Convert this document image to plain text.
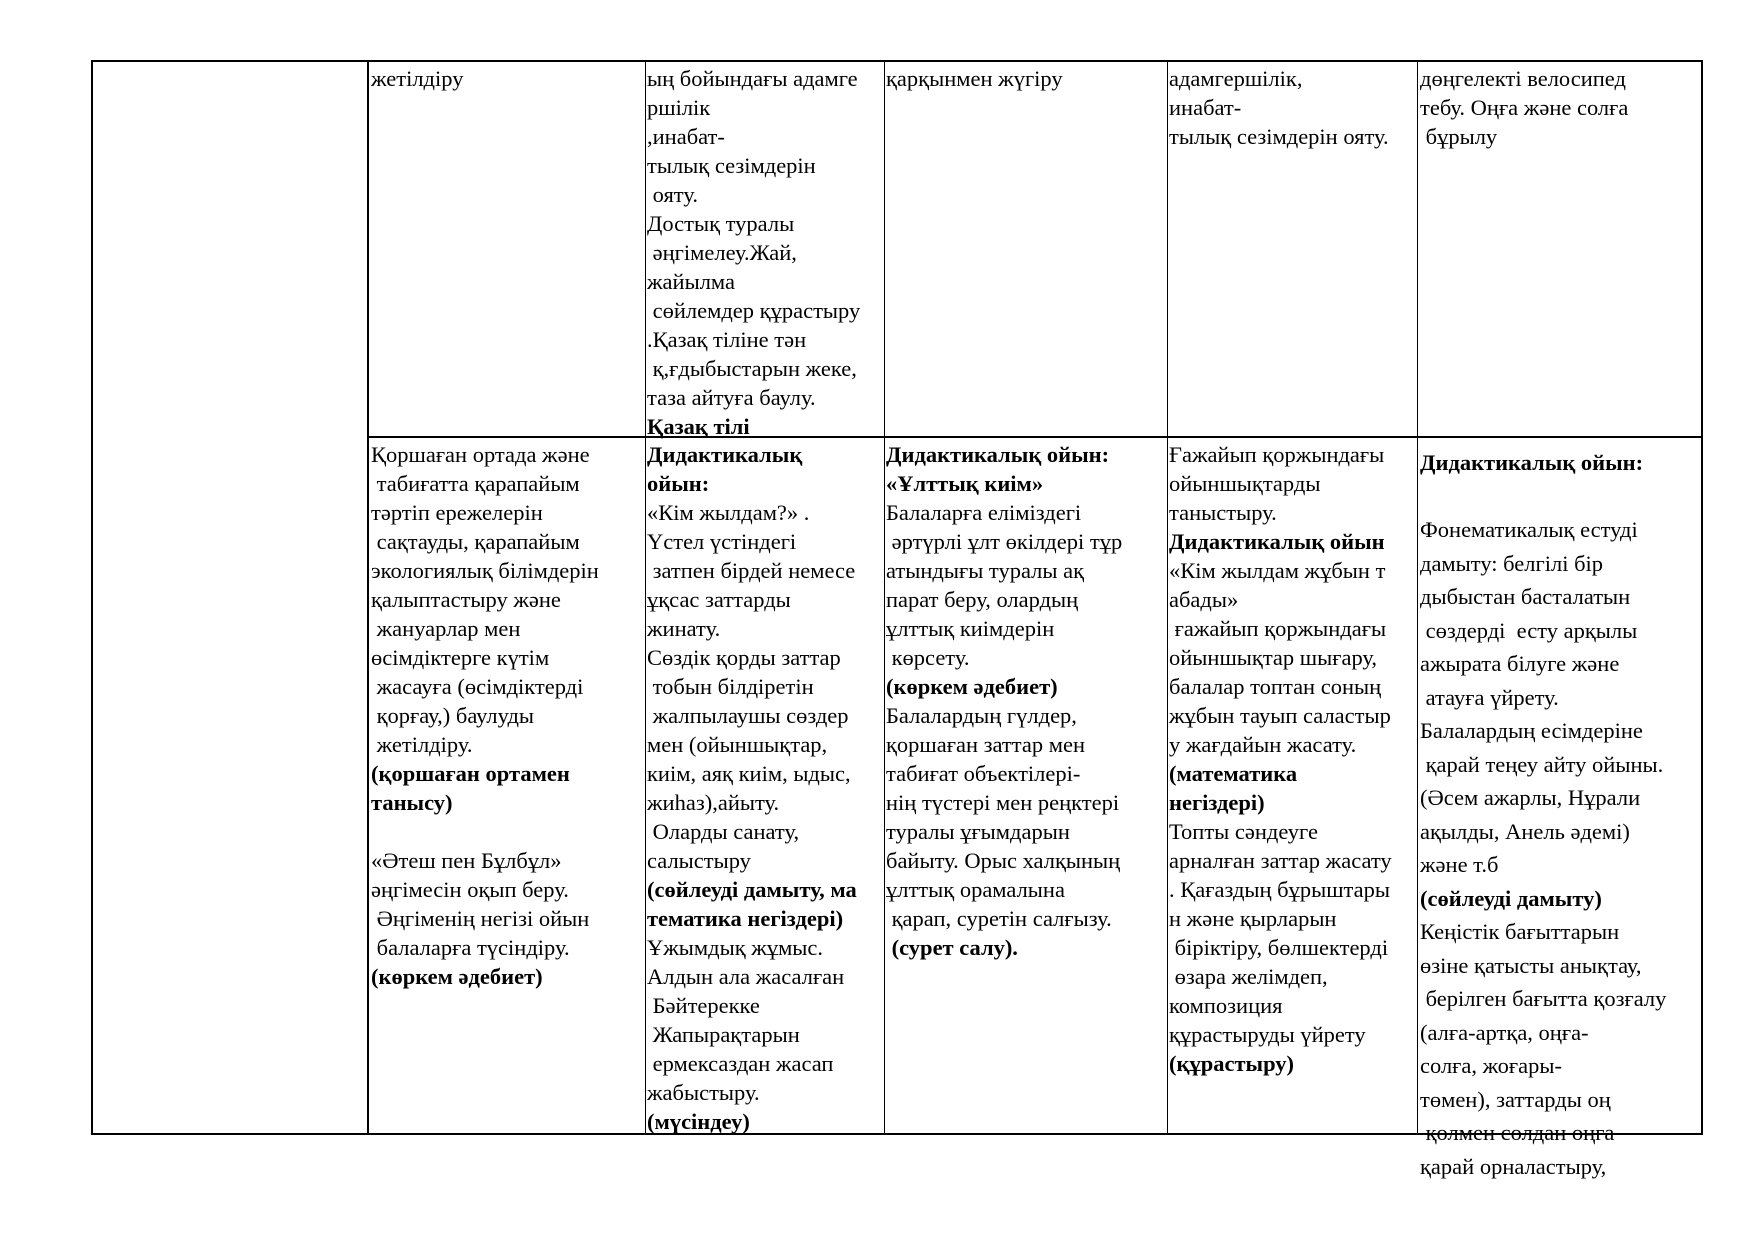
жетілдіру	ың бойындағы адамге
ршілік
,инабат-
тылық сезімдерін
ояту.
Достық туралы
әңгімелеу.Жай,
жайылма
сөйлемдер құрастыру
.Қазақ тіліне тән
қ,ғдыбыстарын жеке,
таза айтуға баулу.
Қазақ тілі
қарқынмен жүгіру	адамгершілік,
инабат-
тылық сезімдерін ояту.
дөңгелекті велосипед
тебу. Оңға және солға
бұрылу
Қоршаған ортада және
табиғатта қарапайым
тәртіп ережелерін
сақтауды, қарапайым
экологиялық білімдерін
қалыптастыру және
жануарлар мен
өсімдіктерге күтім
жасауға (өсімдіктерді
қорғау,) баулуды
жетілдіру.
(қоршаған ортамен
танысу)
«Әтеш пен Бұлбұл»
әңгімесін оқып беру.
Әңгіменің негізі ойын
балаларға түсіндіру.
(көркем әдебиет)
Дидактикалық
ойын:
«Кім жылдам?» .
Үстел үстіндегі
затпен бірдей немесе
ұқсас заттарды
жинату.
Сөздік қорды заттар
тобын білдіретін
жалпылаушы сөздер
мен (ойыншықтар,
киім, аяқ киім, ыдыс,
жиһаз),айыту.
Оларды санату,
салыстыру
(сөйлеуді дамыту, ма
тематика негіздері)
Ұжымдық жұмыс.
Алдын ала жасалған
Бәйтерекке
Жапырақтарын
ермексаздан жасап
жабыстыру.
(мүсіндеу)
Дидактикалық ойын:
«Ұлттық киім»
Балаларға еліміздегі
әртүрлі ұлт өкілдері тұр
атындығы туралы ақ
парат беру, олардың
ұлттық киімдерін
көрсету.
(көркем әдебиет)
Балалардың гүлдер,
қоршаған заттар мен
табиғат объектілері-
нің түстері мен реңктері
туралы ұғымдарын
байыту. Орыс халқының
ұлттық орамалына
қарап, суретін салғызу.
(сурет салу).
Ғажайып қоржындағы
ойыншықтарды
таныстыру.
Дидактикалық ойын
«Кім жылдам жұбын т
абады»
ғажайып қоржындағы
ойыншықтар шығару,
балалар топтан соның
жұбын тауып саластыр
у жағдайын жасату.
(математика
негіздері)
Топты сәндеуге
арналған заттар жасату
. Қағаздың бұрыштары
н және қырларын
біріктіру, бөлшектерді
өзара желімдеп,
композиция
құрастыруды үйрету
(құрастыру)
Дидактикалық ойын:
Фонематикалық естуді
дамыту: белгілі бір
дыбыстан басталатын
сөздерді  есту арқылы
ажырата білуге және
атауға үйрету.
Балалардың есімдеріне
қарай теңеу айту ойыны.
(Әсем ажарлы, Нұрали
ақылды, Анель әдемі)
және т.б
(сөйлеуді дамыту)
Кеңістік бағыттарын
өзіне қатысты анықтау,
берілген бағытта қозғалу
(алға-артқа, оңға-
солға, жоғары-
төмен), заттарды оң
қолмен солдан оңға
қарай орналастыру,
